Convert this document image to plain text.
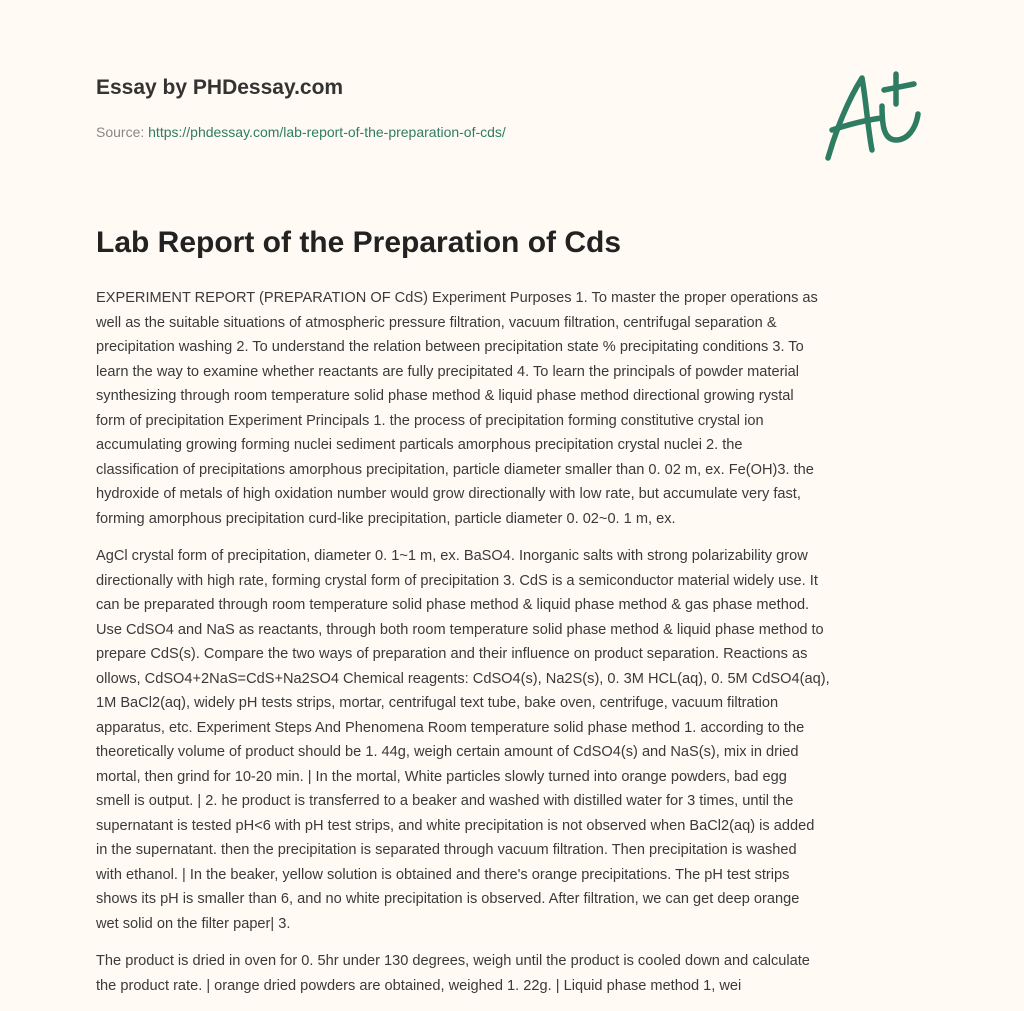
Essay by PHDessay.com
Source: https://phdessay.com/lab-report-of-the-preparation-of-cds/
Lab Report of the Preparation of Cds

EXPERIMENT REPORT (PREPARATION OF CdS) Experiment Purposes 1. To master the proper operations as
well as the suitable situations of atmospheric pressure filtration, vacuum filtration, centrifugal separation &
precipitation washing 2. To understand the relation between precipitation state % precipitating conditions 3. To
learn the way to examine whether reactants are fully precipitated 4. To learn the principals of powder material
synthesizing through room temperature solid phase method & liquid phase method directional growing rystal
form of precipitation Experiment Principals 1. the process of precipitation forming constitutive crystal ion
accumulating growing forming nuclei sediment particals amorphous precipitation crystal nuclei 2. the
classification of precipitations amorphous precipitation, particle diameter smaller than 0. 02 m, ex. Fe(OH)3. the
hydroxide of metals of high oxidation number would grow directionally with low rate, but accumulate very fast,
forming amorphous precipitation curd-like precipitation, particle diameter 0. 02~0. 1 m, ex.

AgCl crystal form of precipitation, diameter 0. 1~1 m, ex. BaSO4. Inorganic salts with strong polarizability grow
directionally with high rate, forming crystal form of precipitation 3. CdS is a semiconductor material widely use. It
can be preparated through room temperature solid phase method & liquid phase method & gas phase method.
Use CdSO4 and NaS as reactants, through both room temperature solid phase method & liquid phase method to
prepare CdS(s). Compare the two ways of preparation and their influence on product separation. Reactions as
ollows, CdSO4+2NaS=CdS+Na2SO4 Chemical reagents: CdSO4(s), Na2S(s), 0. 3M HCL(aq), 0. 5M CdSO4(aq),
1M BaCl2(aq), widely pH tests strips, mortar, centrifugal text tube, bake oven, centrifuge, vacuum filtration
apparatus, etc. Experiment Steps And Phenomena Room temperature solid phase method 1. according to the
theoretically volume of product should be 1. 44g, weigh certain amount of CdSO4(s) and NaS(s), mix in dried
mortal, then grind for 10-20 min. | In the mortal, White particles slowly turned into orange powders, bad egg
smell is output. | 2. he product is transferred to a beaker and washed with distilled water for 3 times, until the
supernatant is tested pH<6 with pH test strips, and white precipitation is not observed when BaCl2(aq) is added
in the supernatant. then the precipitation is separated through vacuum filtration. Then precipitation is washed
with ethanol. | In the beaker, yellow solution is obtained and there's orange precipitations. The pH test strips
shows its pH is smaller than 6, and no white precipitation is observed. After filtration, we can get deep orange
wet solid on the filter paper| 3.

The product is dried in oven for 0. 5hr under 130 degrees, weigh until the product is cooled down and calculate
the product rate. | orange dried powders are obtained, weighed 1. 22g. | Liquid phase method 1, wei
